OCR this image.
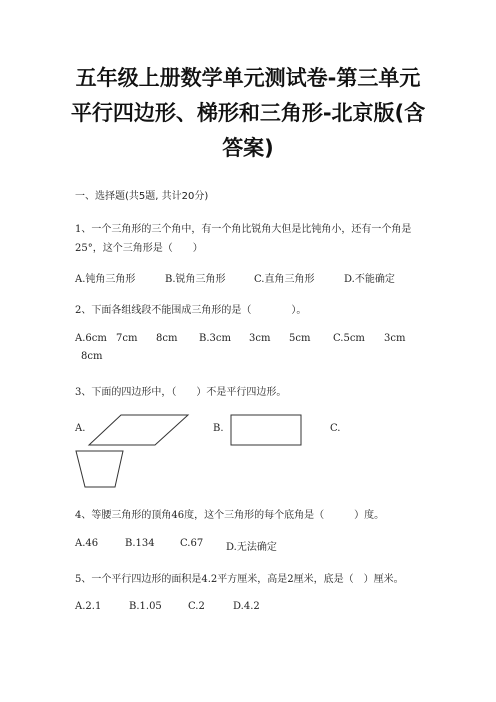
五年级上册数学单元测试卷-第三单元
平行四边形、梯形和三角形-北京版(含
答案)
一、选择题(共5题, 共计20分)
1、一个三角形的三个角中，有一个角比锐角大但是比钝角小，还有一个角是
25°，这个三角形是（　　）
A.钝角三角形	B.锐角三角形	C.直角三角形	D.不能确定
2、下面各组线段不能围成三角形的是（　　　　）。
A.6cm 7cm 8cm B.3cm 3cm 5cm C.5cm 3cm
8cm
3、下面的四边形中，（　　）不是平行四边形。
A.	B.	C.
4、等腰三角形的顶角46度，这个三角形的每个底角是（　　　）度。
A.46	B.134	C.67 D.无法确定
5、一个平行四边形的面积是4.2平方厘米，高是2厘米，底是（　）厘米。
A.2.1	B.1.05	C.2	D.4.2
